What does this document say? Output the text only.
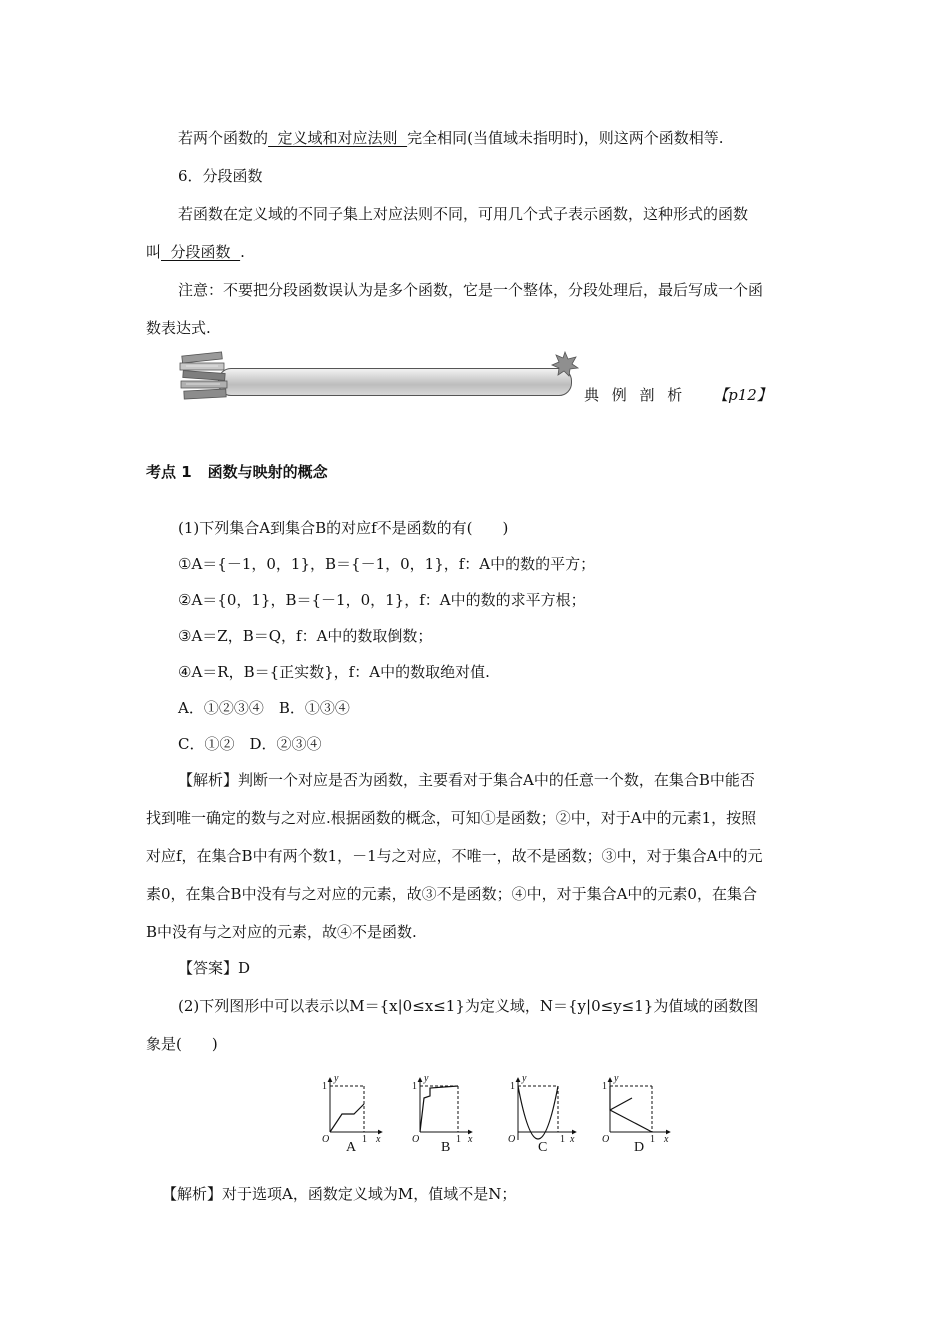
若两个函数的  定义域和对应法则  完全相同(当值域未指明时)，则这两个函数相等.
6．分段函数
若函数在定义域的不同子集上对应法则不同，可用几个式子表示函数，这种形式的函数
叫  分段函数  .
注意：不要把分段函数误认为是多个函数，它是一个整体，分段处理后，最后写成一个函
数表达式.
典 例 剖 析 【p12】
考点 1 函数与映射的概念
(1)下列集合A到集合B的对应f不是函数的有(　　)
①A＝{－1，0，1}，B＝{－1，0，1}，f：A中的数的平方；
②A＝{0，1}，B＝{－1，0，1}，f：A中的数的求平方根；
③A＝Z，B＝Q，f：A中的数取倒数；
④A＝R，B＝{正实数}，f：A中的数取绝对值.
A．①②③④　B．①③④
C．①②　D．②③④
【解析】判断一个对应是否为函数，主要看对于集合A中的任意一个数，在集合B中能否
找到唯一确定的数与之对应.根据函数的概念，可知①是函数；②中，对于A中的元素1，按照
对应f，在集合B中有两个数1，－1与之对应，不唯一，故不是函数；③中，对于集合A中的元
素0，在集合B中没有与之对应的元素，故③不是函数；④中，对于集合A中的元素0，在集合
B中没有与之对应的元素，故④不是函数.
【答案】D
(2)下列图形中可以表示以M＝{x|0≤x≤1}为定义域，N＝{y|0≤y≤1}为值域的函数图
象是(　　)
y
1
O	1 x
y
1
O	1 x
y
1
O	1 x
y
1
O	1 x
A	B	C	D
【解析】对于选项A，函数定义域为M，值域不是N；
